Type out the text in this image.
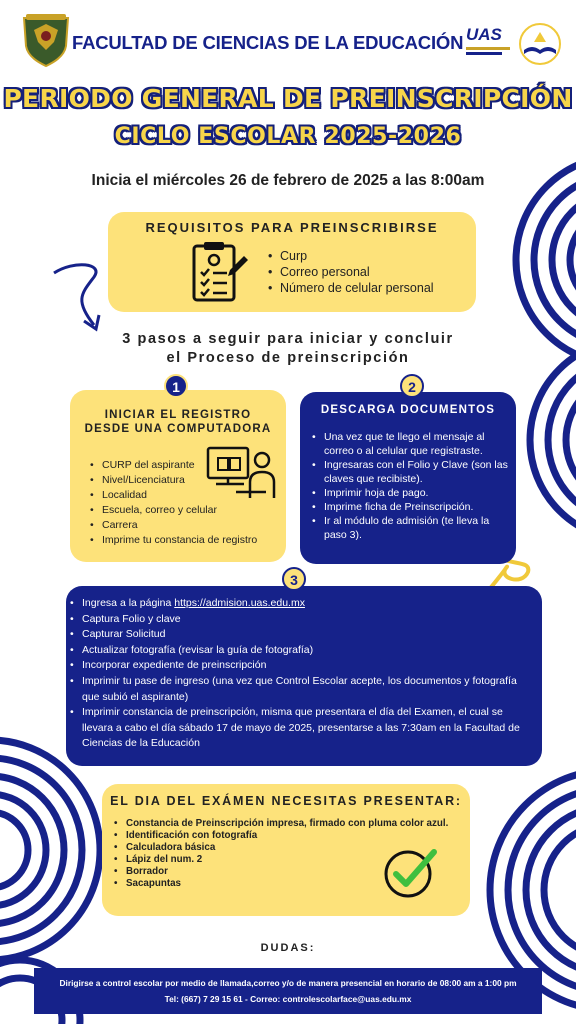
FACULTAD DE CIENCIAS DE LA EDUCACIÓN UAS
PERIODO GENERAL DE PREINSCRIPCIÓN
CICLO ESCOLAR 2025-2026
Inicia el miércoles 26 de febrero de 2025 a las 8:00am
REQUISITOS PARA PREINSCRIBIRSE
• Curp
• Correo personal
• Número de celular personal
3 pasos a seguir para iniciar y concluir
el Proceso de preinscripción
1
INICIAR EL REGISTRO
DESDE UNA COMPUTADORA
• CURP del aspirante
• Nivel/Licenciatura
• Localidad
• Escuela, correo y celular
• Carrera
• Imprime tu constancia de registro
2
DESCARGA DOCUMENTOS
• Una vez que te llego el mensaje al correo o al celular que registraste.
• Ingresaras con el Folio y Clave (son las claves que recibiste).
• Imprimir hoja de pago.
• Imprime ficha de Preinscripción.
• Ir al módulo de admisión (te lleva la paso 3).
3
• Ingresa a la página https://admision.uas.edu.mx
• Captura Folio y clave
• Capturar Solicitud
• Actualizar fotografía (revisar la guía de fotografía)
• Incorporar expediente de preinscripción
• Imprimir tu pase de ingreso (una vez que Control Escolar acepte, los documentos y fotografía que subió el aspirante)
• Imprimir constancia de preinscripción, misma que presentara el día del Examen, el cual se llevara a cabo el día sábado 17 de mayo de 2025, presentarse a las 7:30am en la Facultad de Ciencias de la Educación
EL DIA DEL EXÁMEN NECESITAS PRESENTAR:
• Constancia de Preinscripción impresa, firmado con pluma color azul.
• Identificación con fotografía
• Calculadora básica
• Lápiz del num. 2
• Borrador
• Sacapuntas
DUDAS:
Dirigirse a control escolar por medio de llamada,correo y/o de manera presencial en horario de 08:00 am a 1:00 pm
Tel: (667) 7 29 15 61 - Correo: controlescolarface@uas.edu.mx
